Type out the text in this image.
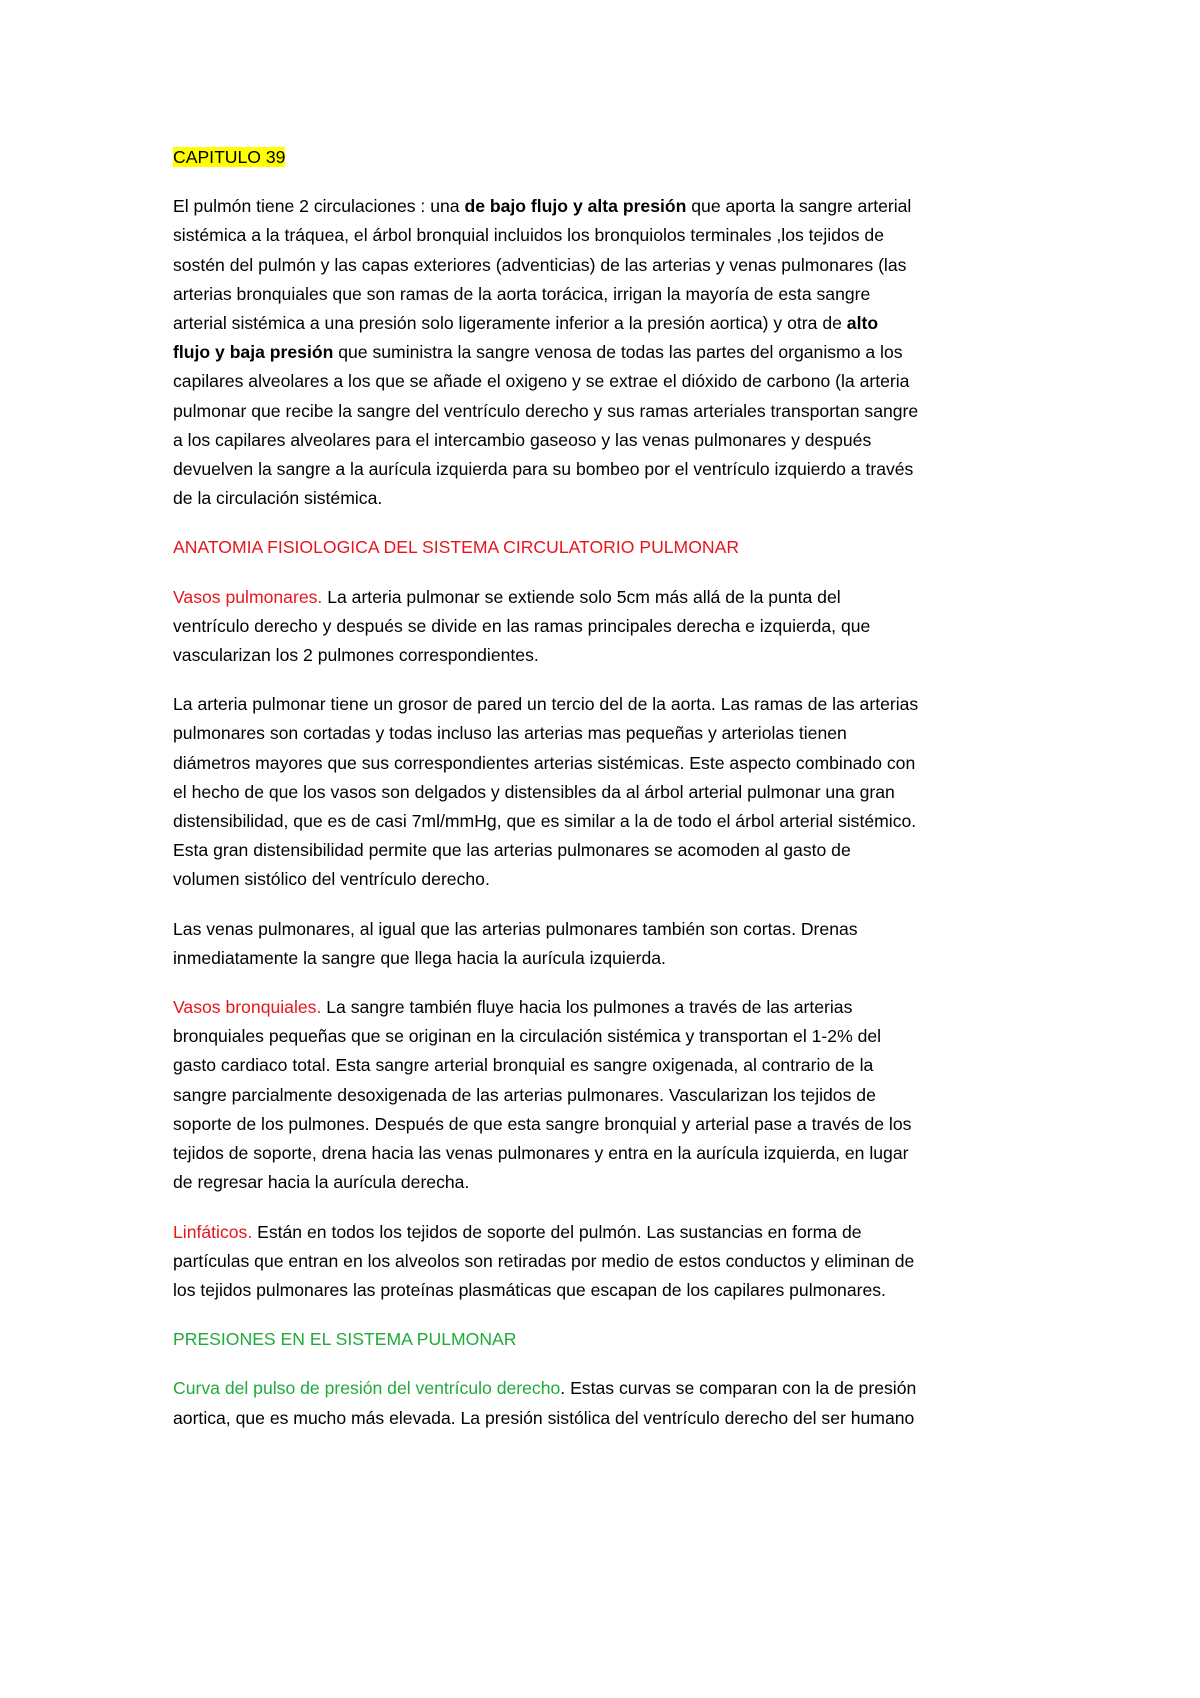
CAPITULO 39

El pulmón tiene 2 circulaciones : una de bajo flujo y alta presión que aporta la sangre arterial
sistémica a la tráquea, el árbol bronquial incluidos los bronquiolos terminales ,los tejidos de
sostén del pulmón y las capas exteriores (adventicias) de las arterias y venas pulmonares (las
arterias bronquiales que son ramas de la aorta torácica, irrigan la mayoría de esta sangre
arterial sistémica a una presión solo ligeramente inferior a la presión aortica) y otra de alto
flujo y baja presión que suministra la sangre venosa de todas las partes del organismo a los
capilares alveolares a los que se añade el oxigeno y se extrae el dióxido de carbono (la arteria
pulmonar que recibe la sangre del ventrículo derecho y sus ramas arteriales transportan sangre
a los capilares alveolares para el intercambio gaseoso y las venas pulmonares y después
devuelven la sangre a la aurícula izquierda para su bombeo por el ventrículo izquierdo a través
de la circulación sistémica.

ANATOMIA FISIOLOGICA DEL SISTEMA CIRCULATORIO PULMONAR

Vasos pulmonares. La arteria pulmonar se extiende solo 5cm más allá de la punta del
ventrículo derecho y después se divide en las ramas principales derecha e izquierda, que
vascularizan los 2 pulmones correspondientes.

La arteria pulmonar tiene un grosor de pared un tercio del de la aorta. Las ramas de las arterias
pulmonares son cortadas y todas incluso las arterias mas pequeñas y arteriolas tienen
diámetros mayores que sus correspondientes arterias sistémicas. Este aspecto combinado con
el hecho de que los vasos son delgados y distensibles da al árbol arterial pulmonar una gran
distensibilidad, que es de casi 7ml/mmHg, que es similar a la de todo el árbol arterial sistémico.
Esta gran distensibilidad permite que las arterias pulmonares se acomoden al gasto de
volumen sistólico del ventrículo derecho.

Las venas pulmonares, al igual que las arterias pulmonares también son cortas. Drenas
inmediatamente la sangre que llega hacia la aurícula izquierda.

Vasos bronquiales. La sangre también fluye hacia los pulmones a través de las arterias
bronquiales pequeñas que se originan en la circulación sistémica y transportan el 1-2% del
gasto cardiaco total. Esta sangre arterial bronquial es sangre oxigenada, al contrario de la
sangre parcialmente desoxigenada de las arterias pulmonares. Vascularizan los tejidos de
soporte de los pulmones. Después de que esta sangre bronquial y arterial pase a través de los
tejidos de soporte, drena hacia las venas pulmonares y entra en la aurícula izquierda, en lugar
de regresar hacia la aurícula derecha.

Linfáticos. Están en todos los tejidos de soporte del pulmón. Las sustancias en forma de
partículas que entran en los alveolos son retiradas por medio de estos conductos y eliminan de
los tejidos pulmonares las proteínas plasmáticas que escapan de los capilares pulmonares.

PRESIONES EN EL SISTEMA PULMONAR

Curva del pulso de presión del ventrículo derecho. Estas curvas se comparan con la de presión
aortica, que es mucho más elevada. La presión sistólica del ventrículo derecho del ser humano
